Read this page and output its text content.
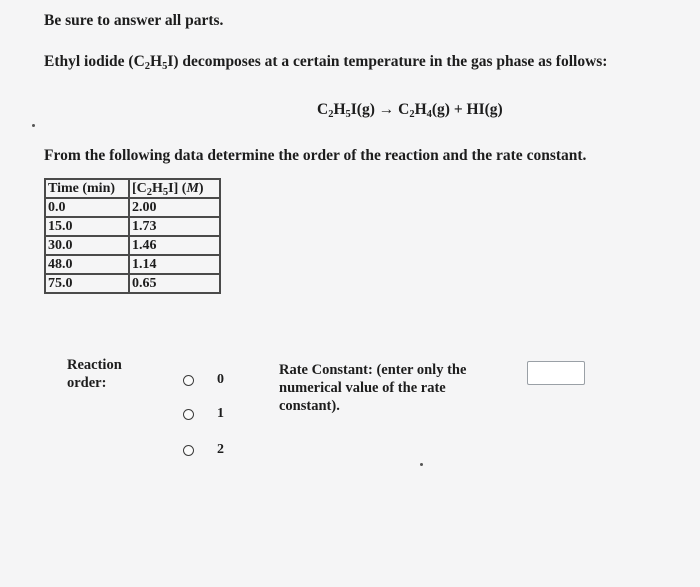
Be sure to answer all parts.
Ethyl iodide $(C_2H_5I)$ decomposes at a certain temperature in the gas phase as follows:
$C_2H_5I(g) \to C_2H_4(g) + HI(g)$
From the following data determine the order of the reaction and the rate constant.
Time (min)	$[C_2H_5I]$ (M)
0.0	2.00
15.0	1.73
30.0	1.46
48.0	1.14
75.0	0.65
Reaction
order:	0
1
2
Rate Constant: (enter only the
numerical value of the rate
constant).
